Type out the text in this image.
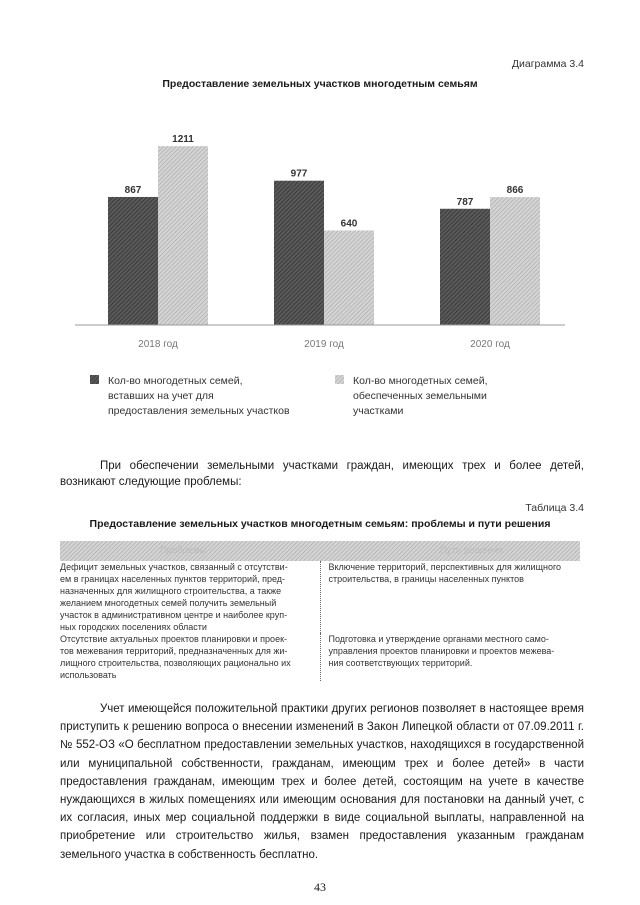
Диаграмма 3.4
Предоставление земельных участков многодетным семьям
867
1211
2018 год
977
640
2019 год
787
866
2020 год
Кол-во многодетных семей, вставших на учет для предоставления земельных участков
Кол-во многодетных семей, обеспеченных земельными участками
При обеспечении земельными участками граждан, имеющих трех и более детей, возникают следующие проблемы:
Таблица 3.4
Предоставление земельных участков многодетным семьям: проблемы и пути решения
Проблемы	Пути решения
Дефицит земельных участков, связанный с отсутстви-
ем в границах населенных пунктов территорий, пред-
назначенных для жилищного строительства, а также
желанием многодетных семей получить земельный
участок в административном центре и наиболее круп-
ных городских поселениях области
Включение территорий, перспективных для жилищного
строительства, в границы населенных пунктов
Отсутствие актуальных проектов планировки и проек-
тов межевания территорий, предназначенных для жи-
лищного строительства, позволяющих рационально их
использовать
Подготовка и утверждение органами местного само-
управления проектов планировки и проектов межева-
ния соответствующих территорий.
Учет имеющейся положительной практики других регионов позволяет в настоящее время приступить к решению вопроса о внесении изменений в Закон Липецкой области от 07.09.2011 г. № 552-ОЗ «О бесплатном предоставлении земельных участков, находящихся в государственной или муниципальной собственности, гражданам, имеющим трех и более детей» в части предоставления гражданам, имеющим трех и более детей, состоящим на учете в качестве нуждающихся в жилых помещениях или имеющим основания для постановки на данный учет, с их согласия, иных мер социальной поддержки в виде социальной выплаты, направленной на приобретение или строительство жилья, взамен предоставления указанным гражданам земельного участка в собственность бесплатно.
43
